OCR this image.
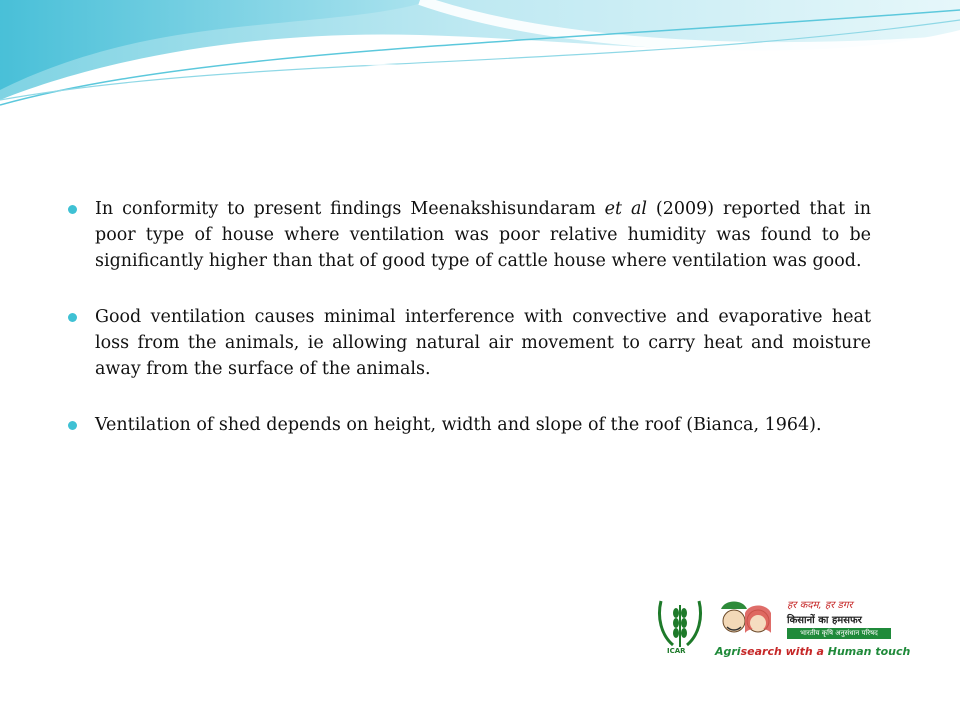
In conformity to present findings Meenakshisundaram et al (2009) reported that in poor type of house where ventilation was poor relative humidity was found to be significantly higher than that of good type of cattle house where ventilation was good.
Good ventilation causes minimal interference with convective and evaporative heat loss from the animals, ie allowing natural air movement to carry heat and moisture away from the surface of the animals.
Ventilation of shed depends on height, width and slope of the roof (Bianca, 1964).
ICAR
हर कदम, हर डगर
किसानों का हमसफर
भारतीय कृषि अनुसंधान परिषद
Agrisearch with a Human touch
